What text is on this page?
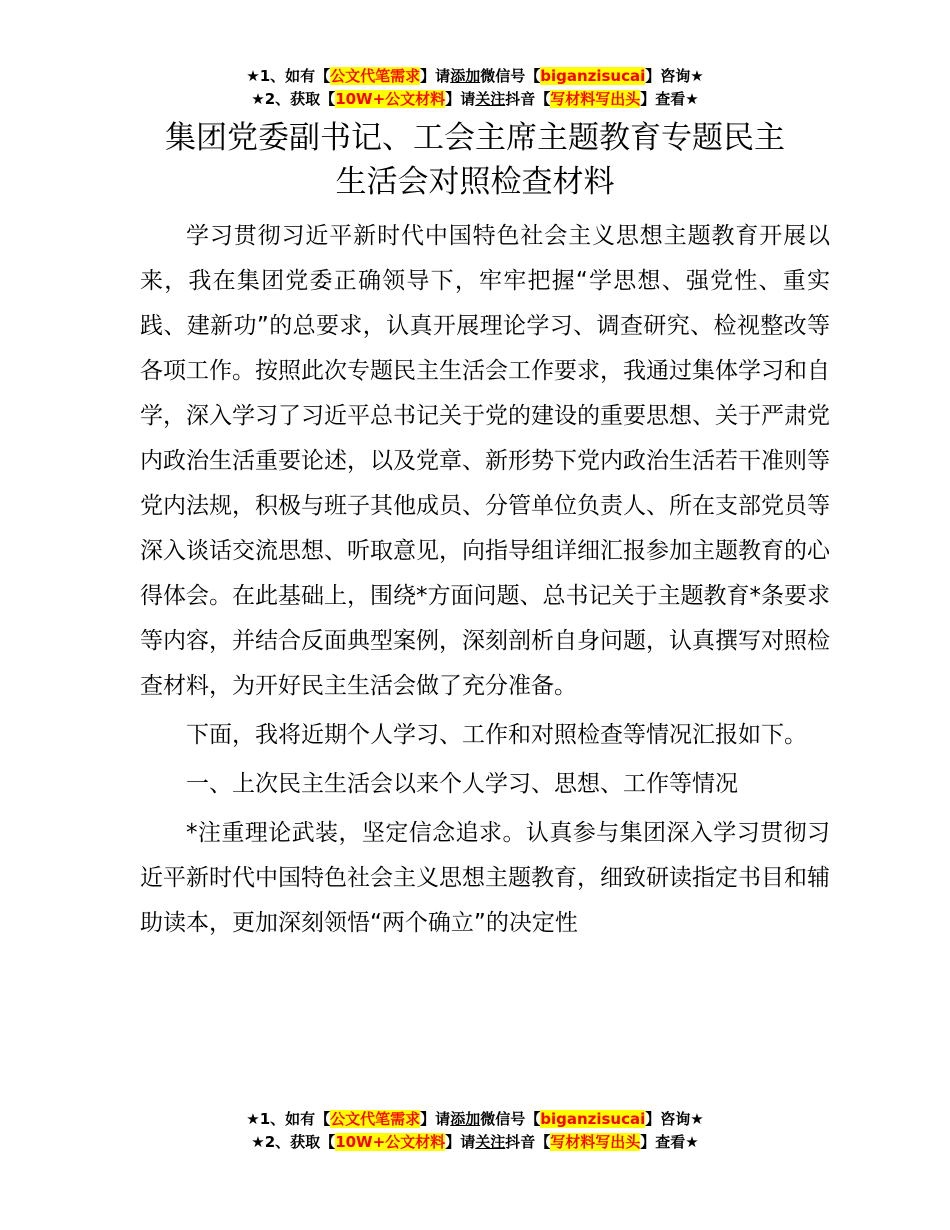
★1、如有【公文代笔需求】请添加微信号【biganzisucai】咨询★
★2、获取【10W+公文材料】请关注抖音【写材料写出头】查看★
集团党委副书记、工会主席主题教育专题民主
生活会对照检查材料

学习贯彻习近平新时代中国特色社会主义思想主题教育开展以来，我在集团党委正确领导下，牢牢把握“学思想、强党性、重实践、建新功”的总要求，认真开展理论学习、调查研究、检视整改等各项工作。按照此次专题民主生活会工作要求，我通过集体学习和自学，深入学习了习近平总书记关于党的建设的重要思想、关于严肃党内政治生活重要论述，以及党章、新形势下党内政治生活若干准则等党内法规，积极与班子其他成员、分管单位负责人、所在支部党员等深入谈话交流思想、听取意见，向指导组详细汇报参加主题教育的心得体会。在此基础上，围绕*方面问题、总书记关于主题教育*条要求等内容，并结合反面典型案例，深刻剖析自身问题，认真撰写对照检查材料，为开好民主生活会做了充分准备。

下面，我将近期个人学习、工作和对照检查等情况汇报如下。

一、上次民主生活会以来个人学习、思想、工作等情况

*注重理论武装，坚定信念追求。认真参与集团深入学习贯彻习近平新时代中国特色社会主义思想主题教育，细致研读指定书目和辅助读本，更加深刻领悟“两个确立”的决定性

★1、如有【公文代笔需求】请添加微信号【biganzisucai】咨询★
★2、获取【10W+公文材料】请关注抖音【写材料写出头】查看★
